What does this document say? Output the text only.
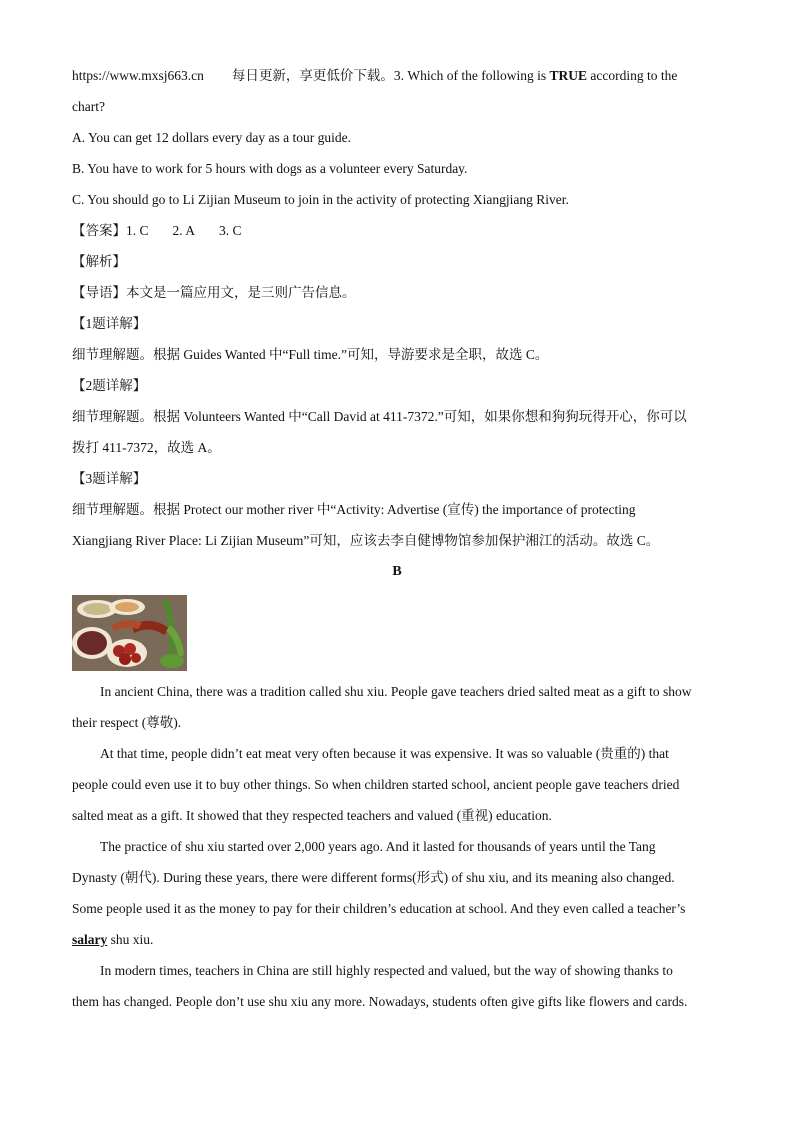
https://www.mxsj663.cn 每日更新，享更低价下载。3. Which of the following is TRUE according to the
chart?
A. You can get 12 dollars every day as a tour guide.
B. You have to work for 5 hours with dogs as a volunteer every Saturday.
C. You should go to Li Zijian Museum to join in the activity of protecting Xiangjiang River.
【答案】1. C 2. A 3. C
【解析】
【导语】本文是一篇应用文，是三则广告信息。
【1题详解】
细节理解题。根据 Guides Wanted 中“Full time.”可知，导游要求是全职，故选 C。
【2题详解】
细节理解题。根据 Volunteers Wanted 中“Call David at 411-7372.”可知，如果你想和狗狗玩得开心，你可以
拨打 411-7372，故选 A。
【3题详解】
细节理解题。根据 Protect our mother river 中“Activity: Advertise (宣传) the importance of protecting
Xiangjiang River Place: Li Zijian Museum”可知，应该去李自健博物馆参加保护湘江的活动。故选 C。
B
In ancient China, there was a tradition called shu xiu. People gave teachers dried salted meat as a gift to show
their respect (尊敬).
At that time, people didn’t eat meat very often because it was expensive. It was so valuable (贵重的) that
people could even use it to buy other things. So when children started school, ancient people gave teachers dried
salted meat as a gift. It showed that they respected teachers and valued (重视) education.
The practice of shu xiu started over 2,000 years ago. And it lasted for thousands of years until the Tang
Dynasty (朝代). During these years, there were different forms(形式) of shu xiu, and its meaning also changed.
Some people used it as the money to pay for their children’s education at school. And they even called a teacher’s
salary shu xiu.
In modern times, teachers in China are still highly respected and valued, but the way of showing thanks to
them has changed. People don’t use shu xiu any more. Nowadays, students often give gifts like flowers and cards.
